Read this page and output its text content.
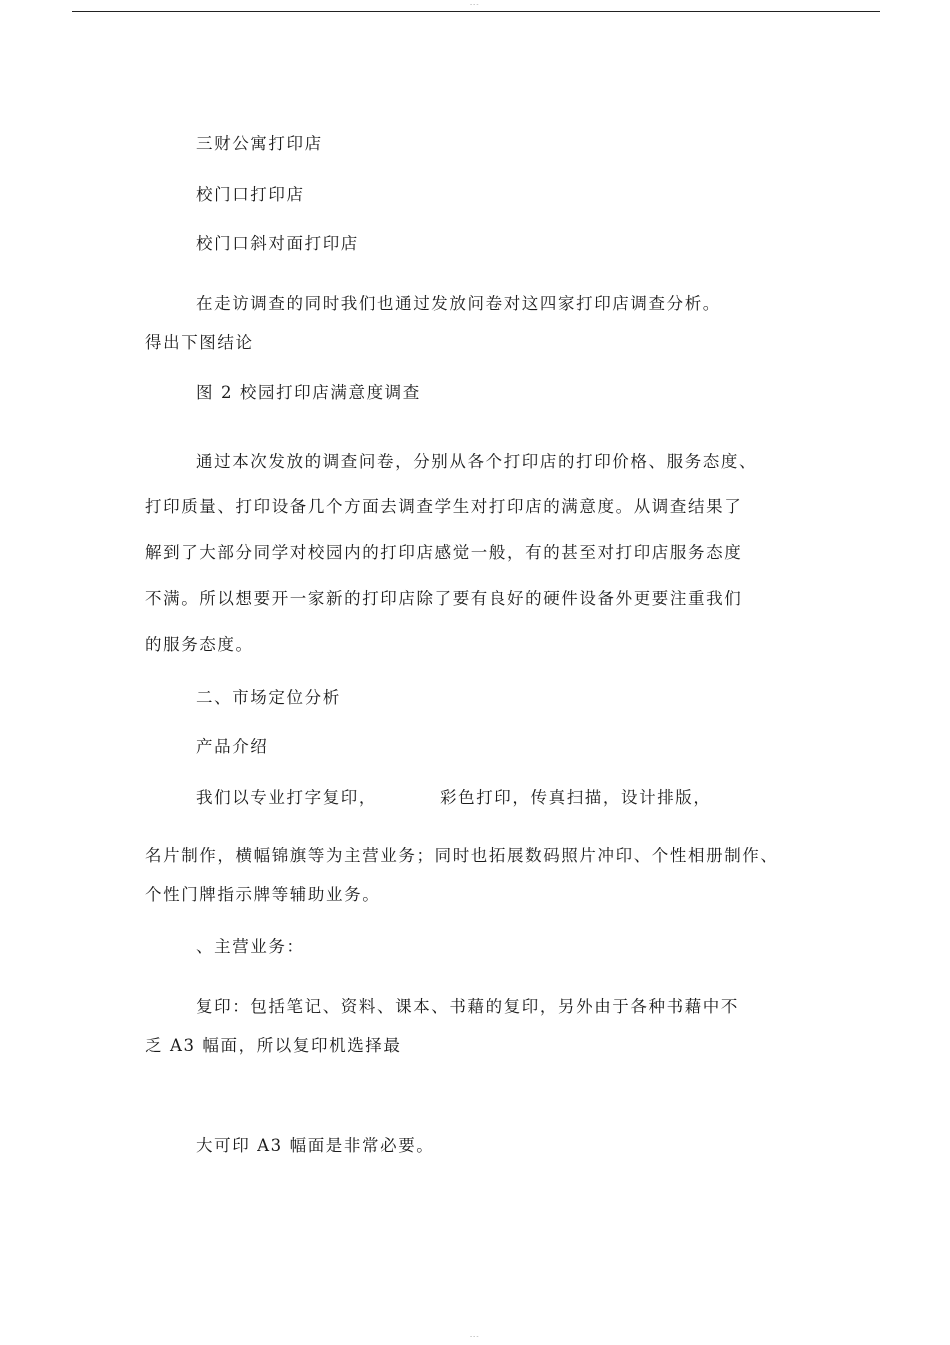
---
三财公寓打印店
校门口打印店
校门口斜对面打印店
在走访调查的同时我们也通过发放问卷对这四家打印店调查分析。
得出下图结论
图 2 校园打印店满意度调查
通过本次发放的调查问卷，分别从各个打印店的打印价格、服务态度、
打印质量、打印设备几个方面去调查学生对打印店的满意度。从调查结果了
解到了大部分同学对校园内的打印店感觉一般，有的甚至对打印店服务态度
不满。所以想要开一家新的打印店除了要有良好的硬件设备外更要注重我们
的服务态度。
二、市场定位分析
产品介绍
我们以专业打字复印，	彩色打印，传真扫描，设计排版，
名片制作，横幅锦旗等为主营业务；同时也拓展数码照片冲印、个性相册制作、
个性门牌指示牌等辅助业务。
、主营业务：
复印：包括笔记、资料、课本、书藉的复印，另外由于各种书藉中不
乏 A3 幅面，所以复印机选择最
大可印 A3 幅面是非常必要。
---
